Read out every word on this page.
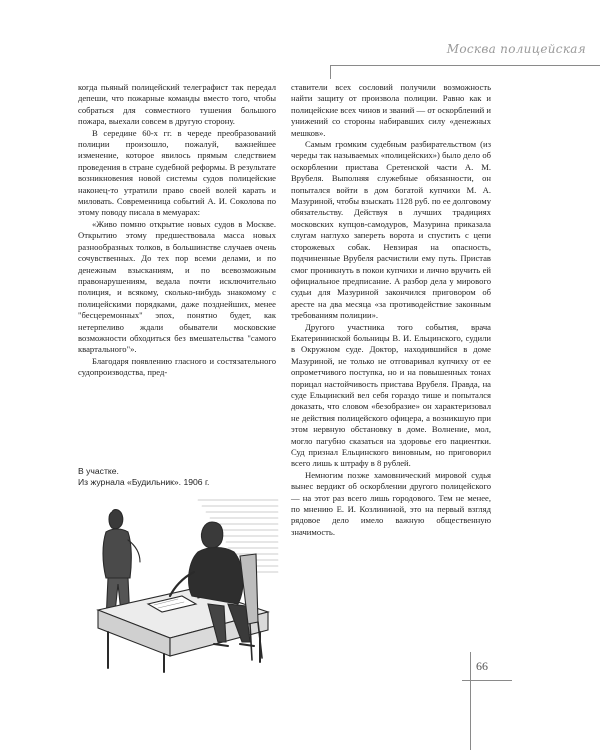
Москва полицейская

когда пьяный полицейский телеграфист так передал депеши, что пожарные команды вместо того, чтобы собраться для совместного тушения большого пожара, выехали совсем в другую сторону.

В середине 60-х гг. в череде преобразований полиции произошло, пожалуй, важнейшее изменение, которое явилось прямым следствием проведения в стране судебной реформы. В результате возникновения новой системы судов полицейские наконец-то утратили право своей волей карать и миловать. Современница событий А. И. Соколова по этому поводу писала в мемуарах:

«Живо помню открытие новых судов в Москве. Открытию этому предшествовала масса новых разнообразных толков, в большинстве случаев очень сочувственных. До тех пор всеми делами, и по денежным взысканиям, и по всевозможным правонарушениям, ведала почти исключительно полиция, и всякому, сколько-нибудь знакомому с полицейскими порядками, даже позднейших, менее "бесцеремонных" эпох, понятно будет, как нетерпеливо ждали обыватели московские возможности обходиться без вмешательства "самого квартального"».

Благодаря появлению гласного и состязательного судопроизводства, пред-

В участке.
Из журнала «Будильник». 1906 г.

ставители всех сословий получили возможность найти защиту от произвола полиции. Равно как и полицейские всех чинов и званий — от оскорблений и унижений со стороны набиравших силу «денежных мешков».

Самым громким судебным разбирательством (из череды так называемых «полицейских») было дело об оскорблении пристава Сретенской части А. М. Врубеля. Выполняя служебные обязанности, он попытался войти в дом богатой купчихи М. А. Мазуриной, чтобы взыскать 1128 руб. по ее долговому обязательству. Действуя в лучших традициях московских купцов-самодуров, Мазурина приказала слугам наглухо запереть ворота и спустить с цепи сторожевых собак. Невзирая на опасность, подчиненные Врубеля расчистили ему путь. Пристав смог проникнуть в покои купчихи и лично вручить ей официальное предписание. А разбор дела у мирового судьи для Мазуриной закончился приговором об аресте на два месяца «за противодействие законным требованиям полиции».

Другого участника того события, врача Екатерининской больницы В. И. Ельцинского, судили в Окружном суде. Доктор, находившийся в доме Мазуриной, не только не отговаривал купчиху от ее опрометчивого поступка, но и на повышенных тонах порицал настойчивость пристава Врубеля. Правда, на суде Ельцинский вел себя гораздо тише и попытался доказать, что словом «безобразие» он характеризовал не действия полицейского офицера, а возникшую при этом нервную обстановку в доме. Волнение, мол, могло пагубно сказаться на здоровье его пациентки. Суд признал Ельцинского виновным, но приговорил всего лишь к штрафу в 8 рублей.

Немногим позже хамовнический мировой судья вынес вердикт об оскорблении другого полицейского — на этот раз всего лишь городового. Тем не менее, по мнению Е. И. Козлининой, это на первый взгляд рядовое дело имело важную общественную значимость.

66
